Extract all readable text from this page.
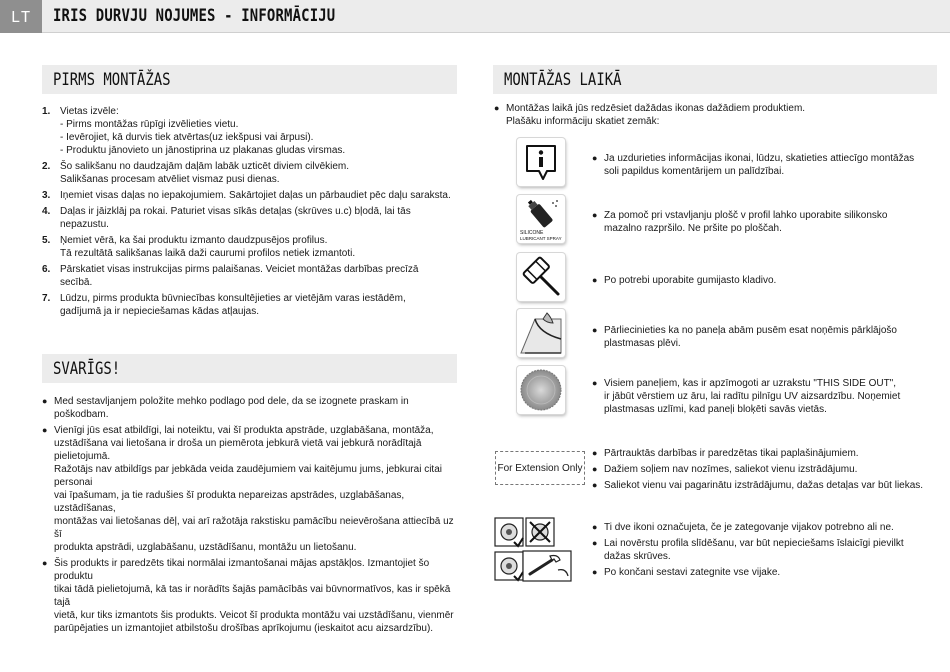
LT	IRIS DURVJU NOJUMES - INFORMĀCIJU
PIRMS MONTĀŽAS
1. Vietas izvēle:
- Pirms montāžas rūpīgi izvēlieties vietu.
- Ievērojiet, kā durvis tiek atvērtas(uz iekšpusi vai ārpusi).
- Produktu jānovieto un jānostiprina uz plakanas gludas virsmas.
2. Šo salikšanu no daudzajām daļām labāk uzticēt diviem cilvēkiem.
Salikšanas procesam atvēliet vismaz pusi dienas.
3. Iņemiet visas daļas no iepakojumiem. Sakārtojiet daļas un pārbaudiet pēc daļu saraksta.
4. Daļas ir jāizklāj pa rokai. Paturiet visas sīkās detaļas (skrūves u.c) bļodā, lai tās nepazustu.
5. Ņemiet vērā, ka šai produktu izmanto daudzpusējos profilus.
Tā rezultātā salikšanas laikā daži caurumi profilos netiek izmantoti.
6. Pārskatiet visas instrukcijas pirms palaišanas. Veiciet montāžas darbības precīzā secībā.
7. Lūdzu, pirms produkta būvniecības konsultējieties ar vietējām varas iestādēm,
gadījumā ja ir nepieciešamas kādas atļaujas.
SVARĪGS!
● Med sestavljanjem položite mehko podlago pod dele, da se izognete praskam in poškodbam.
● Vienīgi jūs esat atbildīgi, lai noteiktu, vai šī produkta apstrāde, uzglabāšana, montāža,
uzstādīšana vai lietošana ir droša un piemērota jebkurā vietā vai jebkurā norādītajā pielietojumā.
Ražotājs nav atbildīgs par jebkāda veida zaudējumiem vai kaitējumu jums, jebkurai citai personai
vai īpašumam, ja tie radušies šī produkta nepareizas apstrādes, uzglabāšanas, uzstādīšanas,
montāžas vai lietošanas dēļ, vai arī ražotāja rakstisku pamācību neievērošana attiecībā uz šī
produkta apstrādi, uzglabāšanu, uzstādīšanu, montāžu un lietošanu.
● Šis produkts ir paredzēts tikai normālai izmantošanai mājas apstākļos. Izmantojiet šo produktu
tikai tādā pielietojumā, kā tas ir norādīts šajās pamācībās vai būvnormatīvos, kas ir spēkā tajā
vietā, kur tiks izmantots šis produkts. Veicot šī produkta montāžu vai uzstādīšanu, vienmēr
parūpējaties un izmantojiet atbilstošu drošības aprīkojumu (ieskaitot acu aizsardzību).
MONTĀŽAS LAIKĀ
● Montāžas laikā jūs redzēsiet dažādas ikonas dažādiem produktiem.
Plašāku informāciju skatiet zemāk:
● Ja uzdurieties informācijas ikonai, lūdzu, skatieties attiecīgo montāžas
soli papildus komentārijem un palīdzībai.
SILICONE
LUBRICANT SPRAY
● Za pomoč pri vstavljanju plošč v profil lahko uporabite silikonsko
mazalno razpršilo. Ne pršite po ploščah.
● Po potrebi uporabite gumijasto kladivo.
● Pārliecinieties ka no paneļa abām pusēm esat noņēmis pārklājošo
plastmasas plēvi.
● Visiem paneļiem, kas ir apzīmogoti ar uzrakstu "THIS SIDE OUT",
ir jābūt vērstiem uz āru, lai radītu pilnīgu UV aizsardzību. Noņemiet
plastmasas uzlīmi, kad paneļi bloķēti savās vietās.
For Extension Only
● Pārtrauktās darbības ir paredzētas tikai paplašinājumiem.
● Dažiem soļiem nav nozīmes, saliekot vienu izstrādājumu.
● Saliekot vienu vai pagarinātu izstrādājumu, dažas detaļas var būt liekas.
● Ti dve ikoni označujeta, če je zategovanje vijakov potrebno ali ne.
● Lai novērstu profila slīdēšanu, var būt nepieciešams īslaicīgi pievilkt
dažas skrūves.
● Po končani sestavi zategnite vse vijake.
